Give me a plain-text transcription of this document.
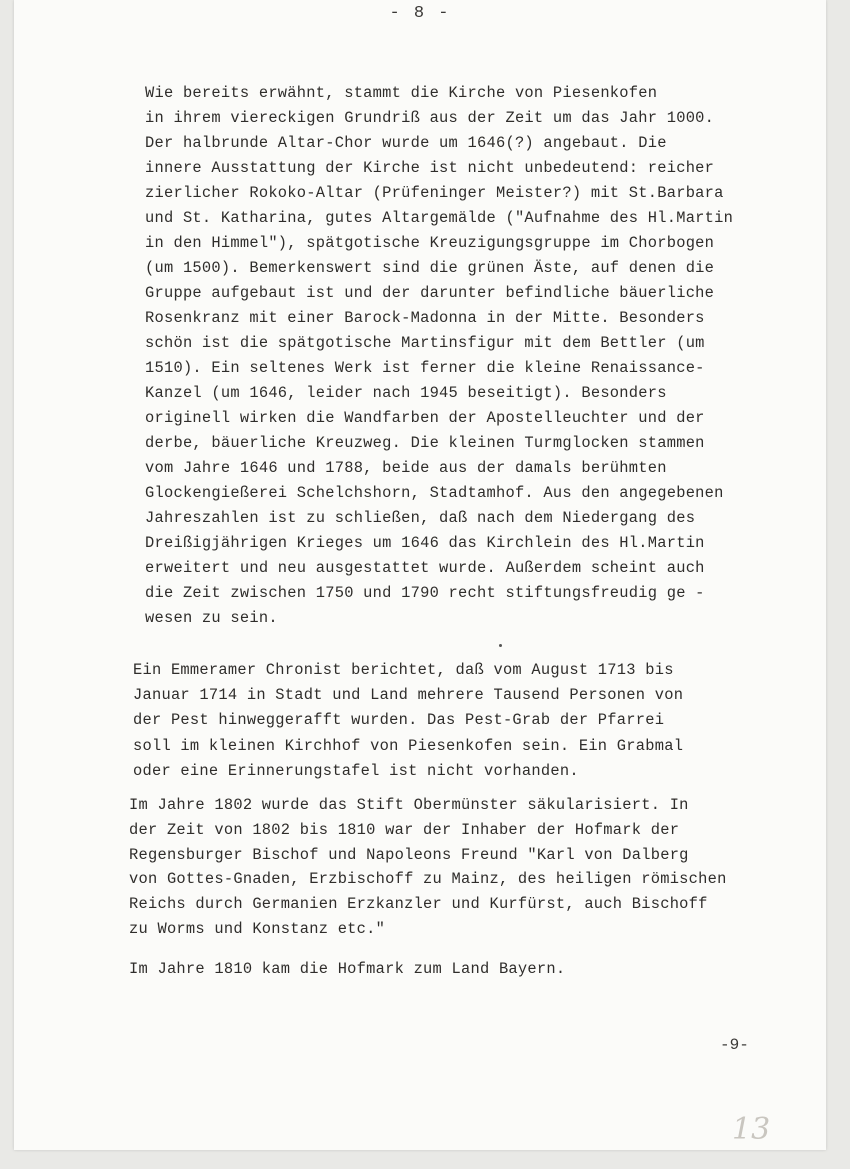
- 8 -
Wie bereits erwähnt, stammt die Kirche von Piesenkofen
in ihrem viereckigen Grundriß aus der Zeit um das Jahr 1000.
Der halbrunde Altar-Chor wurde um 1646(?) angebaut. Die
innere Ausstattung der Kirche ist nicht unbedeutend: reicher
zierlicher Rokoko-Altar (Prüfeninger Meister?) mit St.Barbara
und St. Katharina, gutes Altargemälde ("Aufnahme des Hl.Martin
in den Himmel"), spätgotische Kreuzigungsgruppe im Chorbogen
(um 1500). Bemerkenswert sind die grünen Äste, auf denen die
Gruppe aufgebaut ist und der darunter befindliche bäuerliche
Rosenkranz mit einer Barock-Madonna in der Mitte. Besonders
schön ist die spätgotische Martinsfigur mit dem Bettler (um
1510). Ein seltenes Werk ist ferner die kleine Renaissance-
Kanzel (um 1646, leider nach 1945 beseitigt). Besonders
originell wirken die Wandfarben der Apostelleuchter und der
derbe, bäuerliche Kreuzweg. Die kleinen Turmglocken stammen
vom Jahre 1646 und 1788, beide aus der damals berühmten
Glockengießerei Schelchshorn, Stadtamhof. Aus den angegebenen
Jahreszahlen ist zu schließen, daß nach dem Niedergang des
Dreißigjährigen Krieges um 1646 das Kirchlein des Hl.Martin
erweitert und neu ausgestattet wurde. Außerdem scheint auch
die Zeit zwischen 1750 und 1790 recht stiftungsfreudig ge -
wesen zu sein.
Ein Emmeramer Chronist berichtet, daß vom August 1713 bis
Januar 1714 in Stadt und Land mehrere Tausend Personen von
der Pest hinweggerafft wurden. Das Pest-Grab der Pfarrei
soll im kleinen Kirchhof von Piesenkofen sein. Ein Grabmal
oder eine Erinnerungstafel ist nicht vorhanden.
Im Jahre 1802 wurde das Stift Obermünster säkularisiert. In
der Zeit von 1802 bis 1810 war der Inhaber der Hofmark der
Regensburger Bischof und Napoleons Freund "Karl von Dalberg
von Gottes-Gnaden, Erzbischoff zu Mainz, des heiligen römischen
Reichs durch Germanien Erzkanzler und Kurfürst, auch Bischoff
zu Worms und Konstanz etc."
Im Jahre 1810 kam die Hofmark zum Land Bayern.
-9-
13
